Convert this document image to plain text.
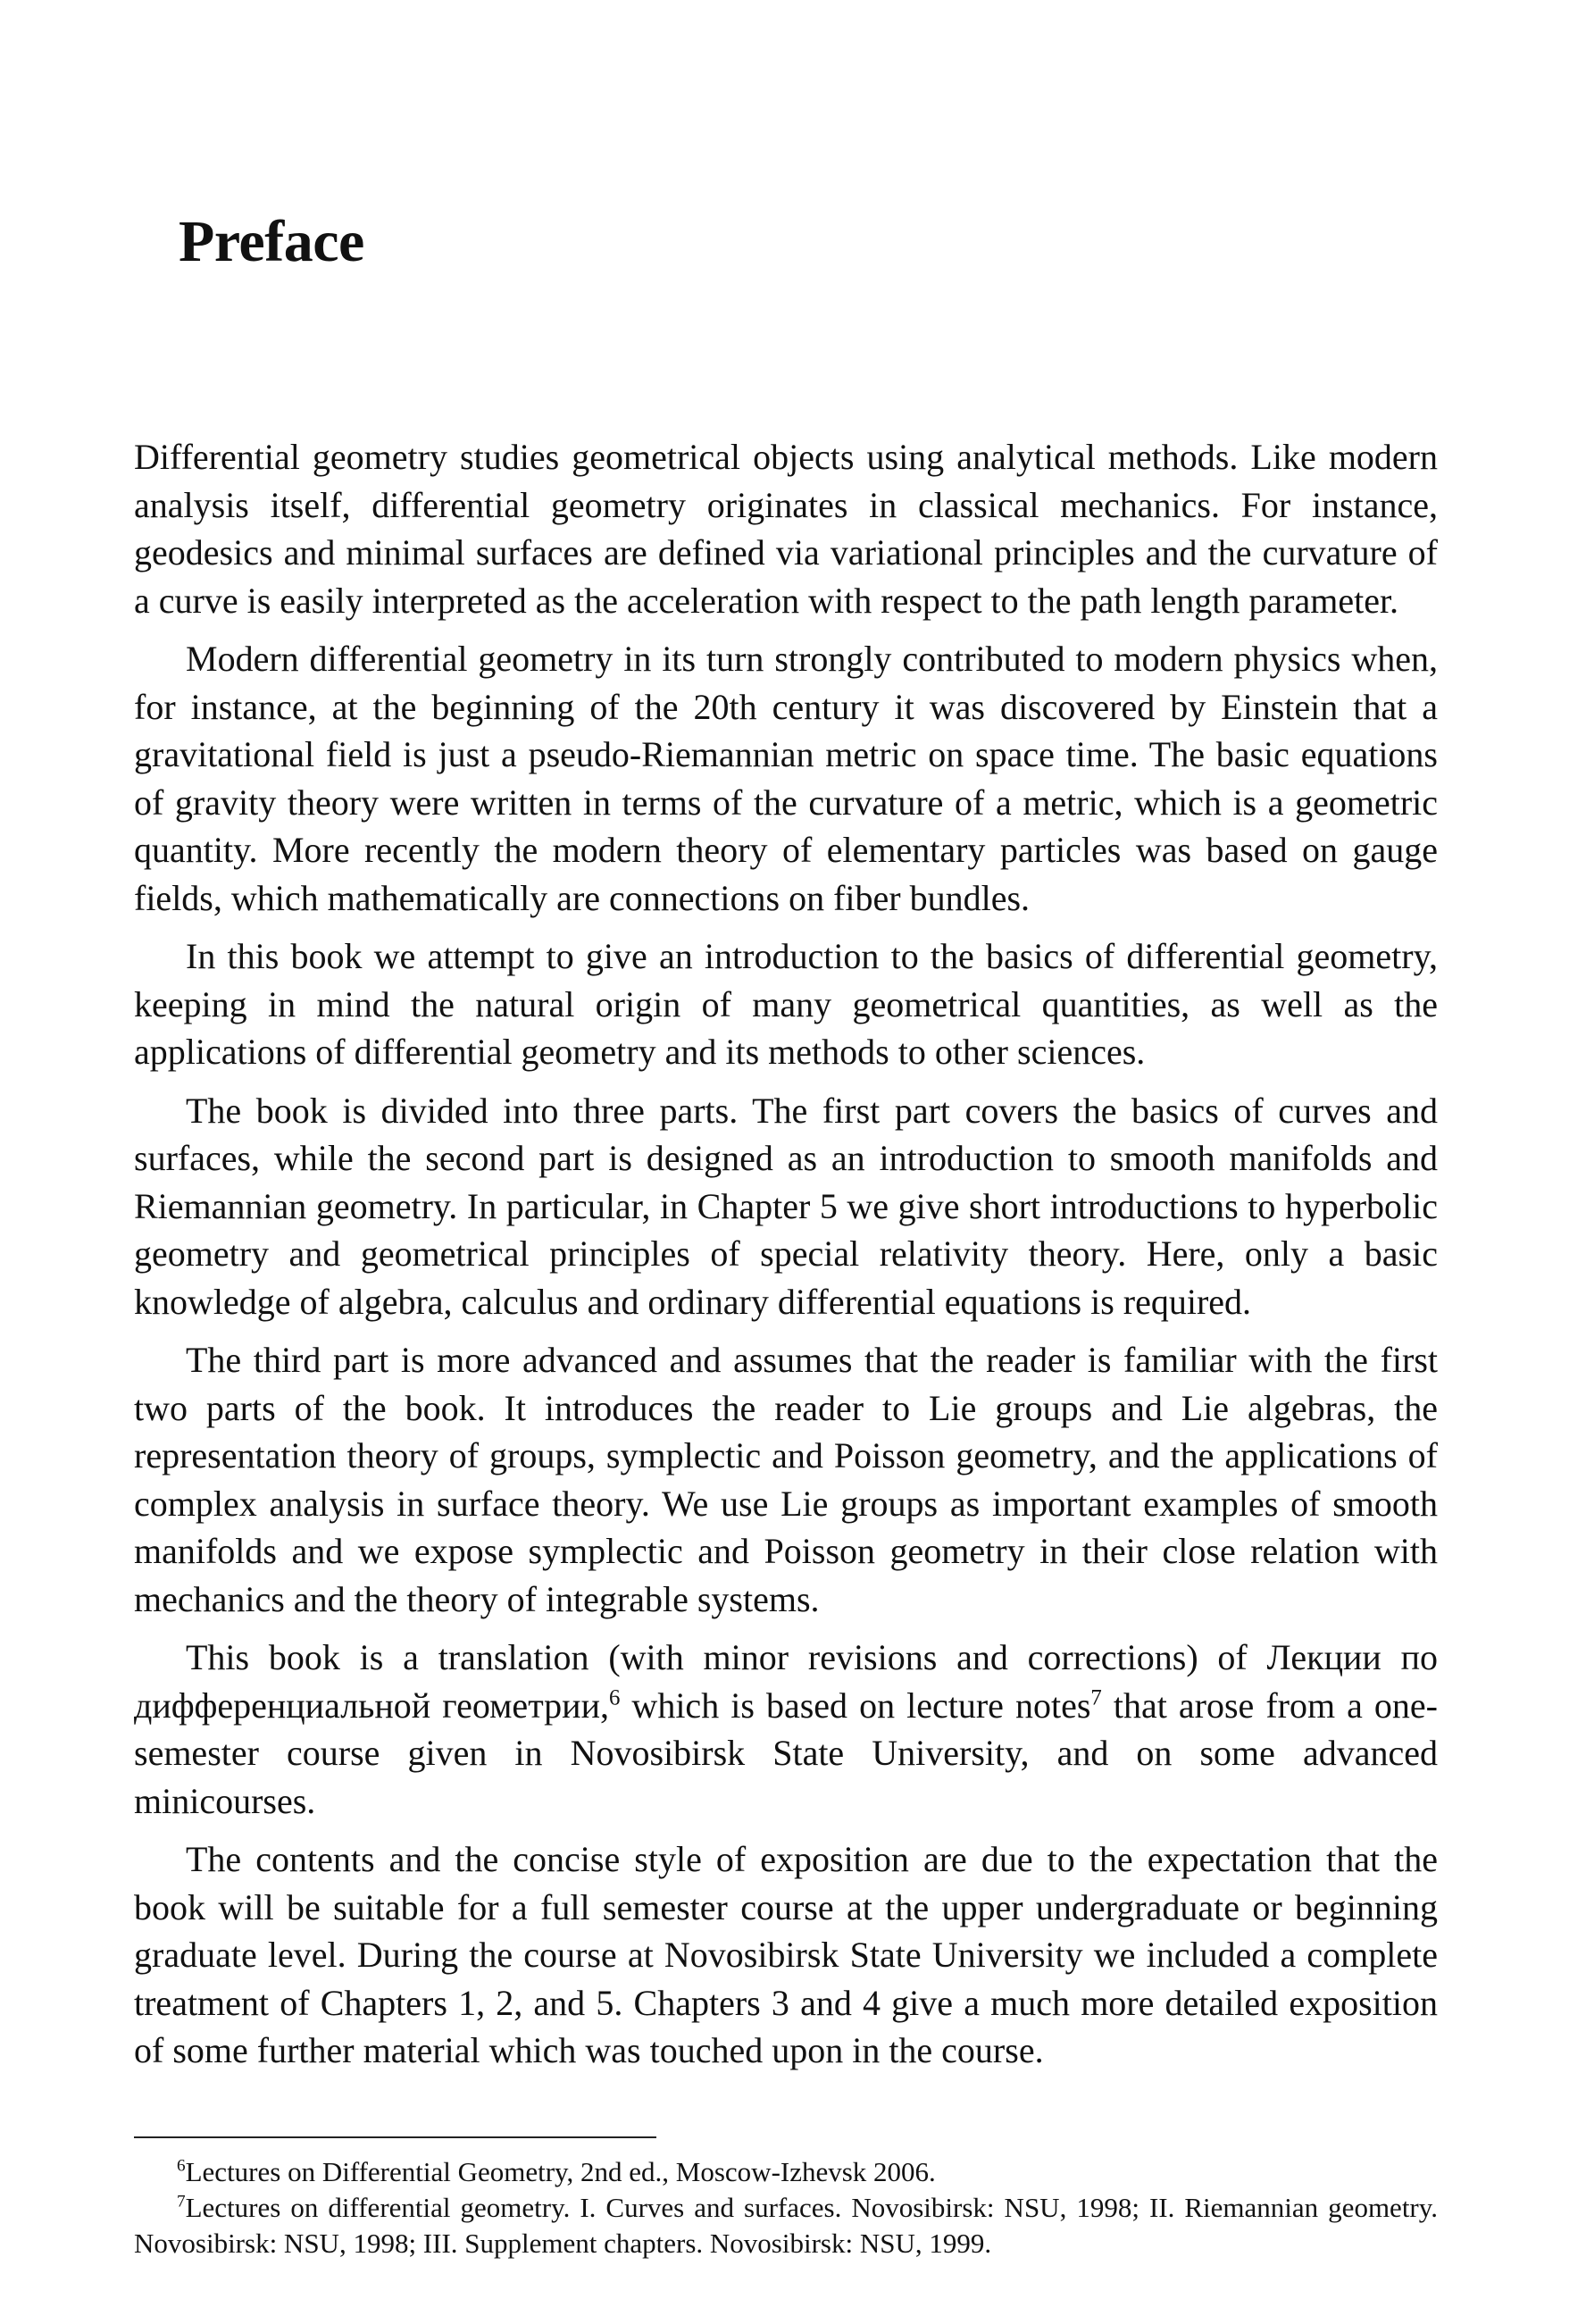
Preface

Differential geometry studies geometrical objects using analytical methods. Like modern analysis itself, differential geometry originates in classical mechanics. For instance, geodesics and minimal surfaces are defined via variational principles and the curvature of a curve is easily interpreted as the acceleration with respect to the path length parameter.

Modern differential geometry in its turn strongly contributed to modern physics when, for instance, at the beginning of the 20th century it was discovered by Einstein that a gravitational field is just a pseudo-Riemannian metric on space time. The basic equations of gravity theory were written in terms of the curvature of a metric, which is a geometric quantity. More recently the modern theory of elementary particles was based on gauge fields, which mathematically are connections on fiber bundles.

In this book we attempt to give an introduction to the basics of differential geometry, keeping in mind the natural origin of many geometrical quantities, as well as the applications of differential geometry and its methods to other sciences.

The book is divided into three parts. The first part covers the basics of curves and surfaces, while the second part is designed as an introduction to smooth manifolds and Riemannian geometry. In particular, in Chapter 5 we give short introductions to hyperbolic geometry and geometrical principles of special relativity theory. Here, only a basic knowledge of algebra, calculus and ordinary differential equations is required.

The third part is more advanced and assumes that the reader is familiar with the first two parts of the book. It introduces the reader to Lie groups and Lie algebras, the representation theory of groups, symplectic and Poisson geometry, and the applications of complex analysis in surface theory. We use Lie groups as important examples of smooth manifolds and we expose symplectic and Poisson geometry in their close relation with mechanics and the theory of integrable systems.

This book is a translation (with minor revisions and corrections) of Лекции по дифференциальной геометрии,$^6$ which is based on lecture notes$^7$ that arose from a one-semester course given in Novosibirsk State University, and on some advanced minicourses.

The contents and the concise style of exposition are due to the expectation that the book will be suitable for a full semester course at the upper undergraduate or beginning graduate level. During the course at Novosibirsk State University we included a complete treatment of Chapters 1, 2, and 5. Chapters 3 and 4 give a much more detailed exposition of some further material which was touched upon in the course.

$^6$Lectures on Differential Geometry, 2nd ed., Moscow-Izhevsk 2006.

$^7$Lectures on differential geometry. I. Curves and surfaces. Novosibirsk: NSU, 1998; II. Riemannian geometry. Novosibirsk: NSU, 1998; III. Supplement chapters. Novosibirsk: NSU, 1999.
